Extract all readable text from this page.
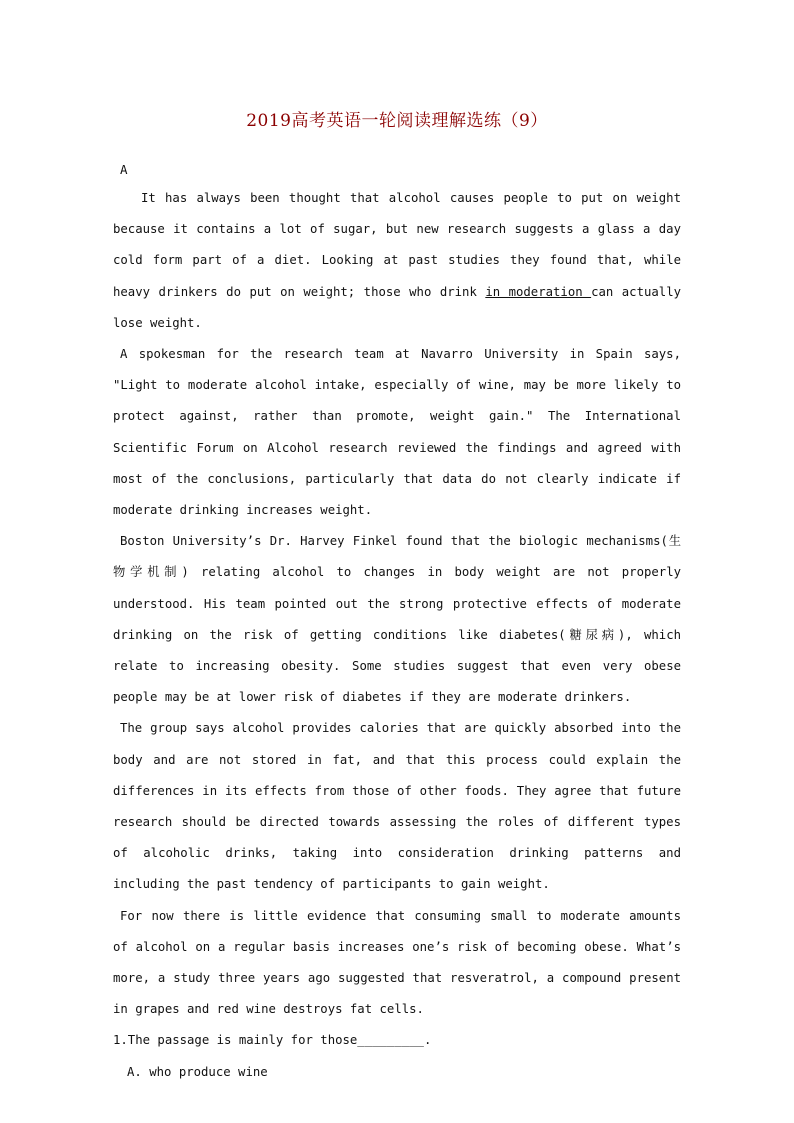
2019高考英语一轮阅读理解选练（9）
A

It has always been thought that alcohol causes people to put on weight because it contains a lot of sugar, but new research suggests a glass a day cold form part of a diet. Looking at past studies they found that, while heavy drinkers do put on weight; those who drink in moderation can actually lose weight.

A spokesman for the research team at Navarro University in Spain says, "Light to moderate alcohol intake, especially of wine, may be more likely to protect against, rather than promote, weight gain." The International Scientific Forum on Alcohol research reviewed the findings and agreed with most of the conclusions, particularly that data do not clearly indicate if moderate drinking increases weight.

Boston University’s Dr. Harvey Finkel found that the biologic mechanisms(生物学机制) relating alcohol to changes in body weight are not properly understood. His team pointed out the strong protective effects of moderate drinking on the risk of getting conditions like diabetes(糖尿病), which relate to increasing obesity. Some studies suggest that even very obese people may be at lower risk of diabetes if they are moderate drinkers.

The group says alcohol provides calories that are quickly absorbed into the body and are not stored in fat, and that this process could explain the differences in its effects from those of other foods. They agree that future research should be directed towards assessing the roles of different types of alcoholic drinks, taking into consideration drinking patterns and including the past tendency of participants to gain weight.

For now there is little evidence that consuming small to moderate amounts of alcohol on a regular basis increases one’s risk of becoming obese. What’s more, a study three years ago suggested that resveratrol, a compound present in grapes and red wine destroys fat cells.

1.The passage is mainly for those_________.

A. who produce wine
